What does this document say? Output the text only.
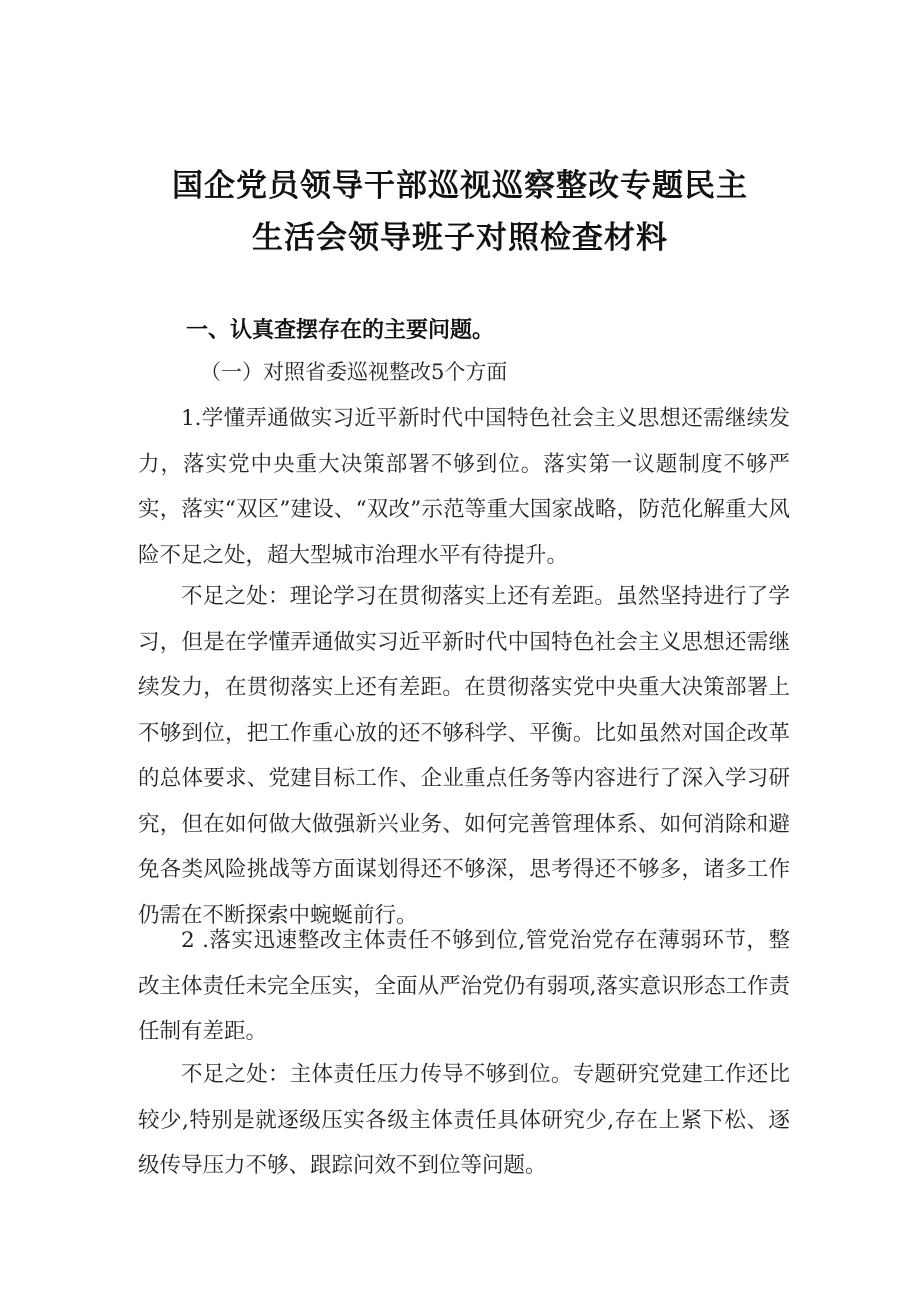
国企党员领导干部巡视巡察整改专题民主
生活会领导班子对照检查材料
一、认真查摆存在的主要问题。
（一）对照省委巡视整改5个方面

1.学懂弄通做实习近平新时代中国特色社会主义思想还需继续发力，落实党中央重大决策部署不够到位。落实第一议题制度不够严实，落实“双区”建设、“双改”示范等重大国家战略，防范化解重大风险不足之处，超大型城市治理水平有待提升。

不足之处：理论学习在贯彻落实上还有差距。虽然坚持进行了学习，但是在学懂弄通做实习近平新时代中国特色社会主义思想还需继续发力，在贯彻落实上还有差距。在贯彻落实党中央重大决策部署上不够到位，把工作重心放的还不够科学、平衡。比如虽然对国企改革的总体要求、党建目标工作、企业重点任务等内容进行了深入学习研究，但在如何做大做强新兴业务、如何完善管理体系、如何消除和避免各类风险挑战等方面谋划得还不够深，思考得还不够多，诸多工作仍需在不断探索中蜿蜒前行。

2 .落实迅速整改主体责任不够到位,管党治党存在薄弱环节，整改主体责任未完全压实，全面从严治党仍有弱项,落实意识形态工作责任制有差距。

不足之处：主体责任压力传导不够到位。专题研究党建工作还比较少,特别是就逐级压实各级主体责任具体研究少,存在上紧下松、逐级传导压力不够、跟踪问效不到位等问题。
